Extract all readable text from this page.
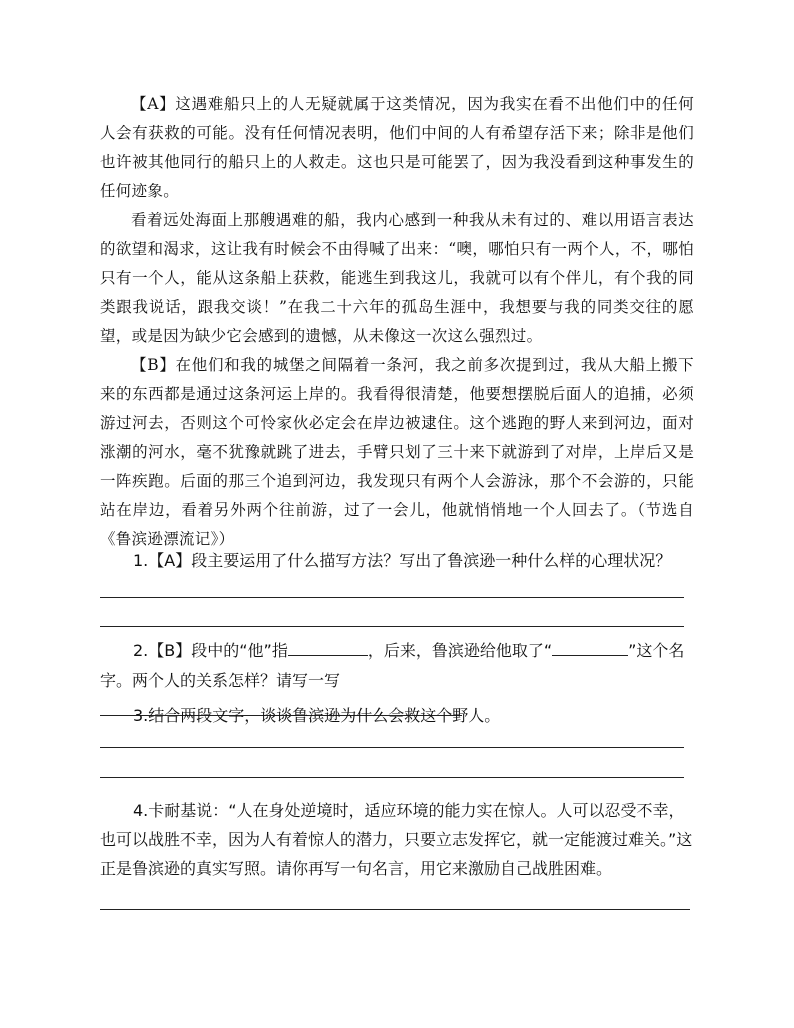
【A】这遇难船只上的人无疑就属于这类情况，因为我实在看不出他们中的任何人会有获救的可能。没有任何情况表明，他们中间的人有希望存活下来；除非是他们也许被其他同行的船只上的人救走。这也只是可能罢了，因为我没看到这种事发生的任何迹象。

看着远处海面上那艘遇难的船，我内心感到一种我从未有过的、难以用语言表达的欲望和渴求，这让我有时候会不由得喊了出来：“噢，哪怕只有一两个人，不，哪怕只有一个人，能从这条船上获救，能逃生到我这儿，我就可以有个伴儿，有个我的同类跟我说话，跟我交谈！”在我二十六年的孤岛生涯中，我想要与我的同类交往的愿望，或是因为缺少它会感到的遗憾，从未像这一次这么强烈过。

【B】在他们和我的城堡之间隔着一条河，我之前多次提到过，我从大船上搬下来的东西都是通过这条河运上岸的。我看得很清楚，他要想摆脱后面人的追捕，必须游过河去，否则这个可怜家伙必定会在岸边被逮住。这个逃跑的野人来到河边，面对涨潮的河水，毫不犹豫就跳了进去，手臂只划了三十来下就游到了对岸，上岸后又是一阵疾跑。后面的那三个追到河边，我发现只有两个人会游泳，那个不会游的，只能站在岸边，看着另外两个往前游，过了一会儿，他就悄悄地一个人回去了。（节选自《鲁滨逊漂流记》）

1.【A】段主要运用了什么描写方法？写出了鲁滨逊一种什么样的心理状况？
2.【B】段中的“他”指	，后来，鲁滨逊给他取了“	”这个名
字。两个人的关系怎样？请写一写
3.结合两段文字，谈谈鲁滨逊为什么会救这个野人。
4.卡耐基说：“人在身处逆境时，适应环境的能力实在惊人。人可以忍受不幸，也可以战胜不幸，因为人有着惊人的潜力，只要立志发挥它，就一定能渡过难关。”这正是鲁滨逊的真实写照。请你再写一句名言，用它来激励自己战胜困难。
